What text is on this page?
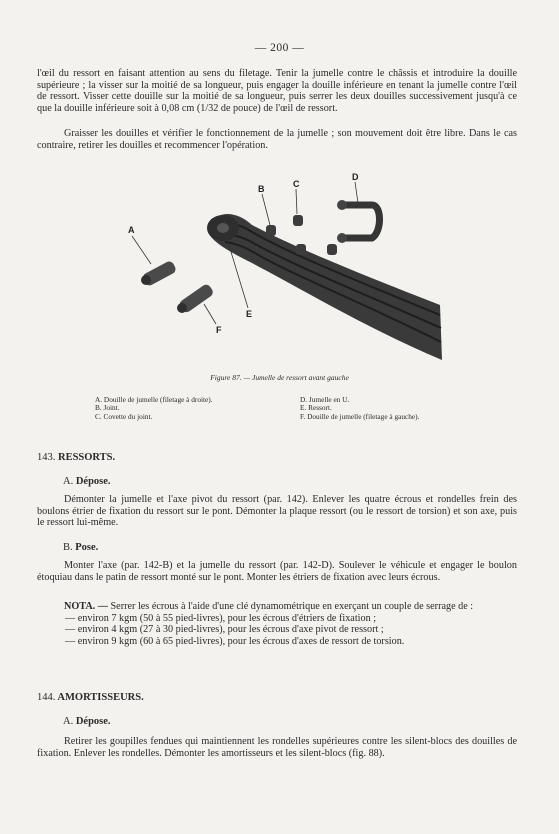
— 200 —

l'œil du ressort en faisant attention au sens du filetage. Tenir la jumelle contre le châssis et introduire la douille supérieure ; la visser sur la moitié de sa longueur, puis engager la douille inférieure en tenant la jumelle contre l'œil de ressort. Visser cette douille sur la moitié de sa longueur, puis serrer les deux douilles successivement jusqu'à ce que la douille inférieure soit à 0,08 cm (1/32 de pouce) de l'œil de ressort.

Graisser les douilles et vérifier le fonctionnement de la jumelle ; son mouvement doit être libre. Dans le cas contraire, retirer les douilles et recommencer l'opération.

A
B	C
D
E
F
Figure 87. — Jumelle de ressort avant gauche
A. Douille de jumelle (filetage à droite).
B. Joint.
C. Covette du joint.
D. Jumelle en U.
E. Ressort.
F. Douille de jumelle (filetage à gauche).

143. RESSORTS.

A. Dépose.

Démonter la jumelle et l'axe pivot du ressort (par. 142). Enlever les quatre écrous et rondelles frein des boulons étrier de fixation du ressort sur le pont. Démonter la plaque ressort (ou le ressort de torsion) et son axe, puis le ressort lui-même.

B. Pose.

Monter l'axe (par. 142-B) et la jumelle du ressort (par. 142-D). Soulever le véhicule et engager le boulon étoquiau dans le patin de ressort monté sur le pont. Monter les étriers de fixation avec leurs écrous.

NOTA. — Serrer les écrous à l'aide d'une clé dynamométrique en exerçant un couple de serrage de :
— environ 7 kgm (50 à 55 pied-livres), pour les écrous d'étriers de fixation ;
— environ 4 kgm (27 à 30 pied-livres), pour les écrous d'axe pivot de ressort ;
— environ 9 kgm (60 à 65 pied-livres), pour les écrous d'axes de ressort de torsion.

144. AMORTISSEURS.

A. Dépose.

Retirer les goupilles fendues qui maintiennent les rondelles supérieures contre les silent-blocs des douilles de fixation. Enlever les rondelles. Démonter les amortisseurs et les silent-blocs (fig. 88).
